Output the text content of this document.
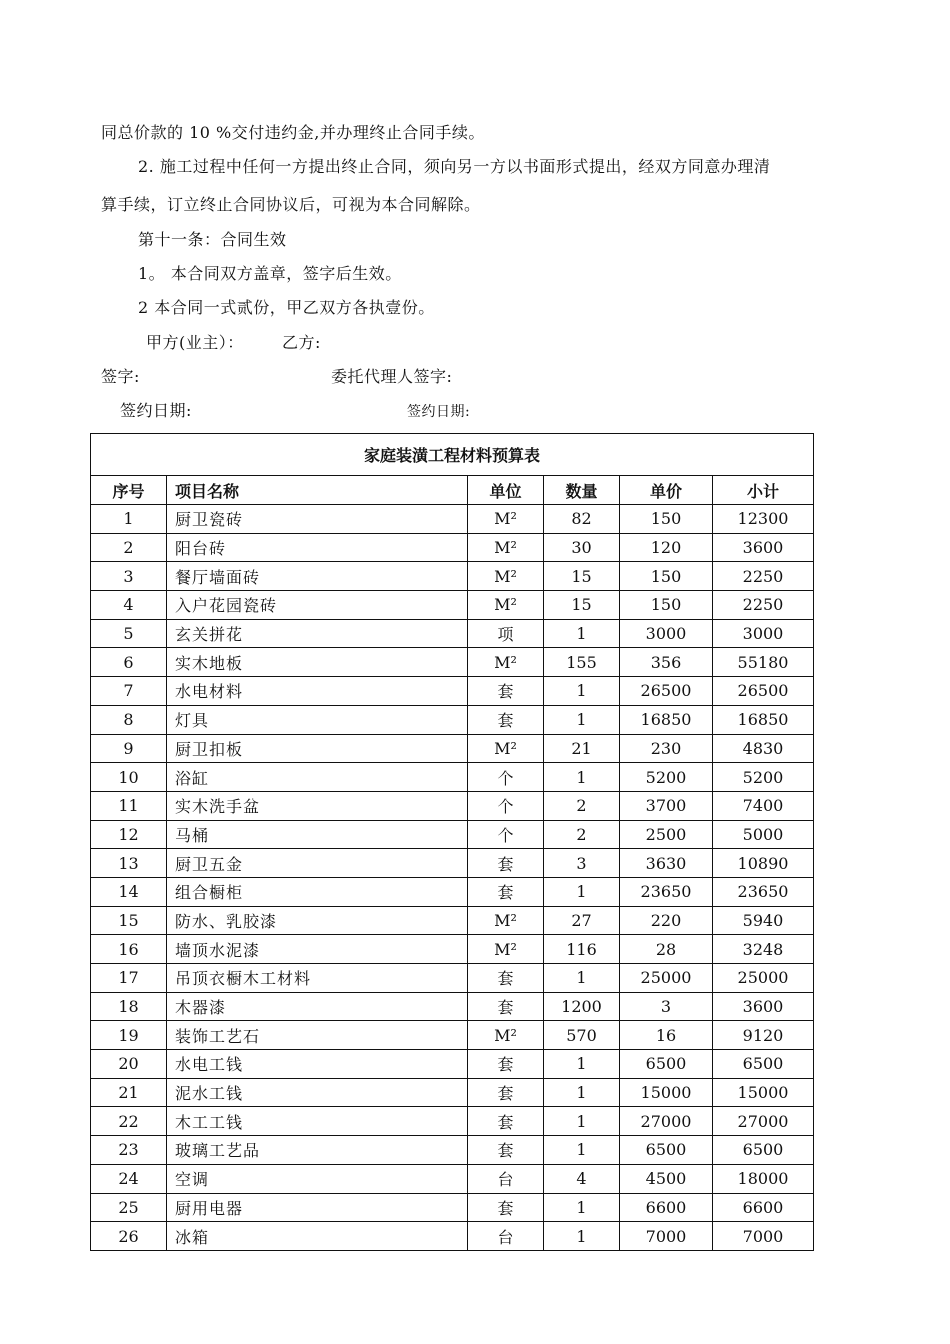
同总价款的 10 %交付违约金,并办理终止合同手续。
2. 施工过程中任何一方提出终止合同，须向另一方以书面形式提出，经双方同意办理清
算手续，订立终止合同协议后，可视为本合同解除。
第十一条：合同生效
1。 本合同双方盖章，签字后生效。
2 本合同一式贰份，甲乙双方各执壹份。
甲方(业主）： 乙方:
签字:	委托代理人签字:
签约日期:	签约日期:
家庭装潢工程材料预算表					
序号	项目名称	单位	数量	单价	小计
1	厨卫瓷砖	M²	82	150	12300
2	阳台砖	M²	30	120	3600
3	餐厅墙面砖	M²	15	150	2250
4	入户花园瓷砖	M²	15	150	2250
5	玄关拼花	项	1	3000	3000
6	实木地板	M²	155	356	55180
7	水电材料	套	1	26500	26500
8	灯具	套	1	16850	16850
9	厨卫扣板	M²	21	230	4830
10	浴缸	个	1	5200	5200
11	实木洗手盆	个	2	3700	7400
12	马桶	个	2	2500	5000
13	厨卫五金	套	3	3630	10890
14	组合橱柜	套	1	23650	23650
15	防水、乳胶漆	M²	27	220	5940
16	墙顶水泥漆	M²	116	28	3248
17	吊顶衣橱木工材料	套	1	25000	25000
18	木器漆	套	1200	3	3600
19	装饰工艺石	M²	570	16	9120
20	水电工钱	套	1	6500	6500
21	泥水工钱	套	1	15000	15000
22	木工工钱	套	1	27000	27000
23	玻璃工艺品	套	1	6500	6500
24	空调	台	4	4500	18000
25	厨用电器	套	1	6600	6600
26	冰箱	台	1	7000	7000
